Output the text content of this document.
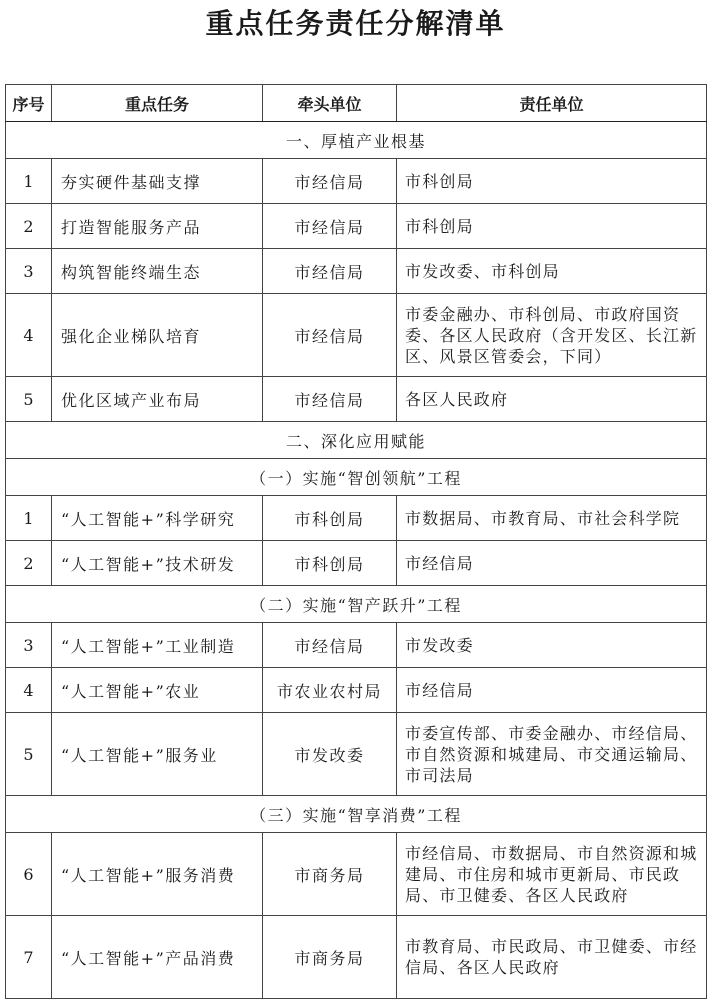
重点任务责任分解清单
序号	重点任务	牵头单位	责任单位
一、厚植产业根基			
1	夯实硬件基础支撑	市经信局	市科创局
2	打造智能服务产品	市经信局	市科创局
3	构筑智能终端生态	市经信局	市发改委、市科创局
4	强化企业梯队培育	市经信局	市委金融办、市科创局、市政府国资委、各区人民政府（含开发区、长江新区、风景区管委会，下同）
5	优化区域产业布局	市经信局	各区人民政府
二、深化应用赋能			
（一）实施“智创领航”工程			
1	“人工智能+”科学研究	市科创局	市数据局、市教育局、市社会科学院
2	“人工智能+”技术研发	市科创局	市经信局
（二）实施“智产跃升”工程			
3	“人工智能+”工业制造	市经信局	市发改委
4	“人工智能+”农业	市农业农村局	市经信局
5	“人工智能+”服务业	市发改委	市委宣传部、市委金融办、市经信局、市自然资源和城建局、市交通运输局、市司法局
（三）实施“智享消费”工程			
6	“人工智能+”服务消费	市商务局	市经信局、市数据局、市自然资源和城建局、市住房和城市更新局、市民政局、市卫健委、各区人民政府
7	“人工智能+”产品消费	市商务局	市教育局、市民政局、市卫健委、市经信局、各区人民政府
